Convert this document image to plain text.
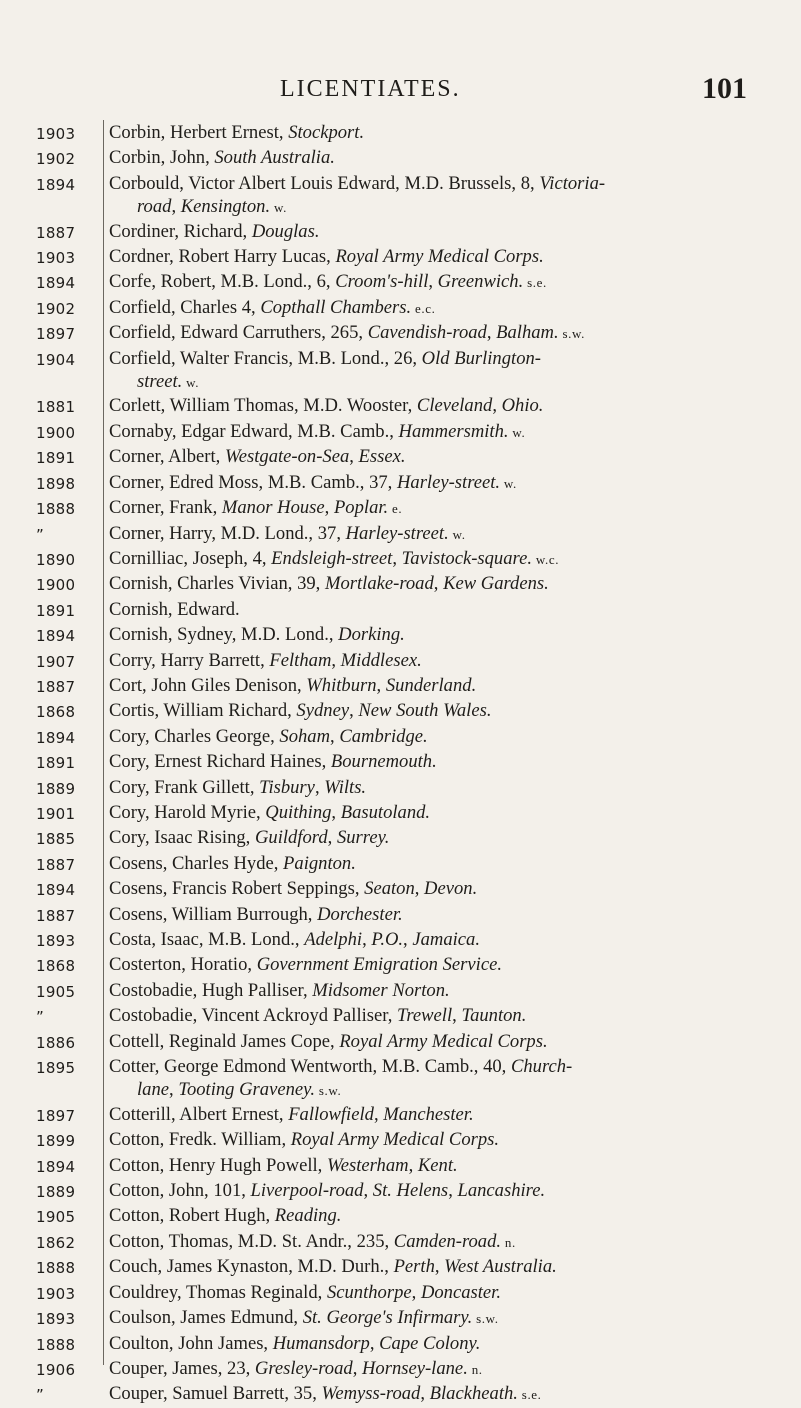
LICENTIATES.	101
1903	Corbin, Herbert Ernest, Stockport.
1902	Corbin, John, South Australia.
1894	Corbould, Victor Albert Louis Edward, M.D. Brussels, 8, Victoria-
road, Kensington. w.
1887	Cordiner, Richard, Douglas.
1903	Cordner, Robert Harry Lucas, Royal Army Medical Corps.
1894	Corfe, Robert, M.B. Lond., 6, Croom's-hill, Greenwich. s.e.
1902	Corfield, Charles 4, Copthall Chambers. e.c.
1897	Corfield, Edward Carruthers, 265, Cavendish-road, Balham. s.w.
1904	Corfield, Walter Francis, M.B. Lond., 26, Old Burlington-
street. w.
1881	Corlett, William Thomas, M.D. Wooster, Cleveland, Ohio.
1900	Cornaby, Edgar Edward, M.B. Camb., Hammersmith. w.
1891	Corner, Albert, Westgate-on-Sea, Essex.
1898	Corner, Edred Moss, M.B. Camb., 37, Harley-street. w.
1888	Corner, Frank, Manor House, Poplar. e.
”	Corner, Harry, M.D. Lond., 37, Harley-street. w.
1890	Cornilliac, Joseph, 4, Endsleigh-street, Tavistock-square. w.c.
1900	Cornish, Charles Vivian, 39, Mortlake-road, Kew Gardens.
1891	Cornish, Edward.
1894	Cornish, Sydney, M.D. Lond., Dorking.
1907	Corry, Harry Barrett, Feltham, Middlesex.
1887	Cort, John Giles Denison, Whitburn, Sunderland.
1868	Cortis, William Richard, Sydney, New South Wales.
1894	Cory, Charles George, Soham, Cambridge.
1891	Cory, Ernest Richard Haines, Bournemouth.
1889	Cory, Frank Gillett, Tisbury, Wilts.
1901	Cory, Harold Myrie, Quithing, Basutoland.
1885	Cory, Isaac Rising, Guildford, Surrey.
1887	Cosens, Charles Hyde, Paignton.
1894	Cosens, Francis Robert Seppings, Seaton, Devon.
1887	Cosens, William Burrough, Dorchester.
1893	Costa, Isaac, M.B. Lond., Adelphi, P.O., Jamaica.
1868	Costerton, Horatio, Government Emigration Service.
1905	Costobadie, Hugh Palliser, Midsomer Norton.
”	Costobadie, Vincent Ackroyd Palliser, Trewell, Taunton.
1886	Cottell, Reginald James Cope, Royal Army Medical Corps.
1895	Cotter, George Edmond Wentworth, M.B. Camb., 40, Church-
lane, Tooting Graveney. s.w.
1897	Cotterill, Albert Ernest, Fallowfield, Manchester.
1899	Cotton, Fredk. William, Royal Army Medical Corps.
1894	Cotton, Henry Hugh Powell, Westerham, Kent.
1889	Cotton, John, 101, Liverpool-road, St. Helens, Lancashire.
1905	Cotton, Robert Hugh, Reading.
1862	Cotton, Thomas, M.D. St. Andr., 235, Camden-road. n.
1888	Couch, James Kynaston, M.D. Durh., Perth, West Australia.
1903	Couldrey, Thomas Reginald, Scunthorpe, Doncaster.
1893	Coulson, James Edmund, St. George's Infirmary. s.w.
1888	Coulton, John James, Humansdorp, Cape Colony.
1906	Couper, James, 23, Gresley-road, Hornsey-lane. n.
”	Couper, Samuel Barrett, 35, Wemyss-road, Blackheath. s.e.
